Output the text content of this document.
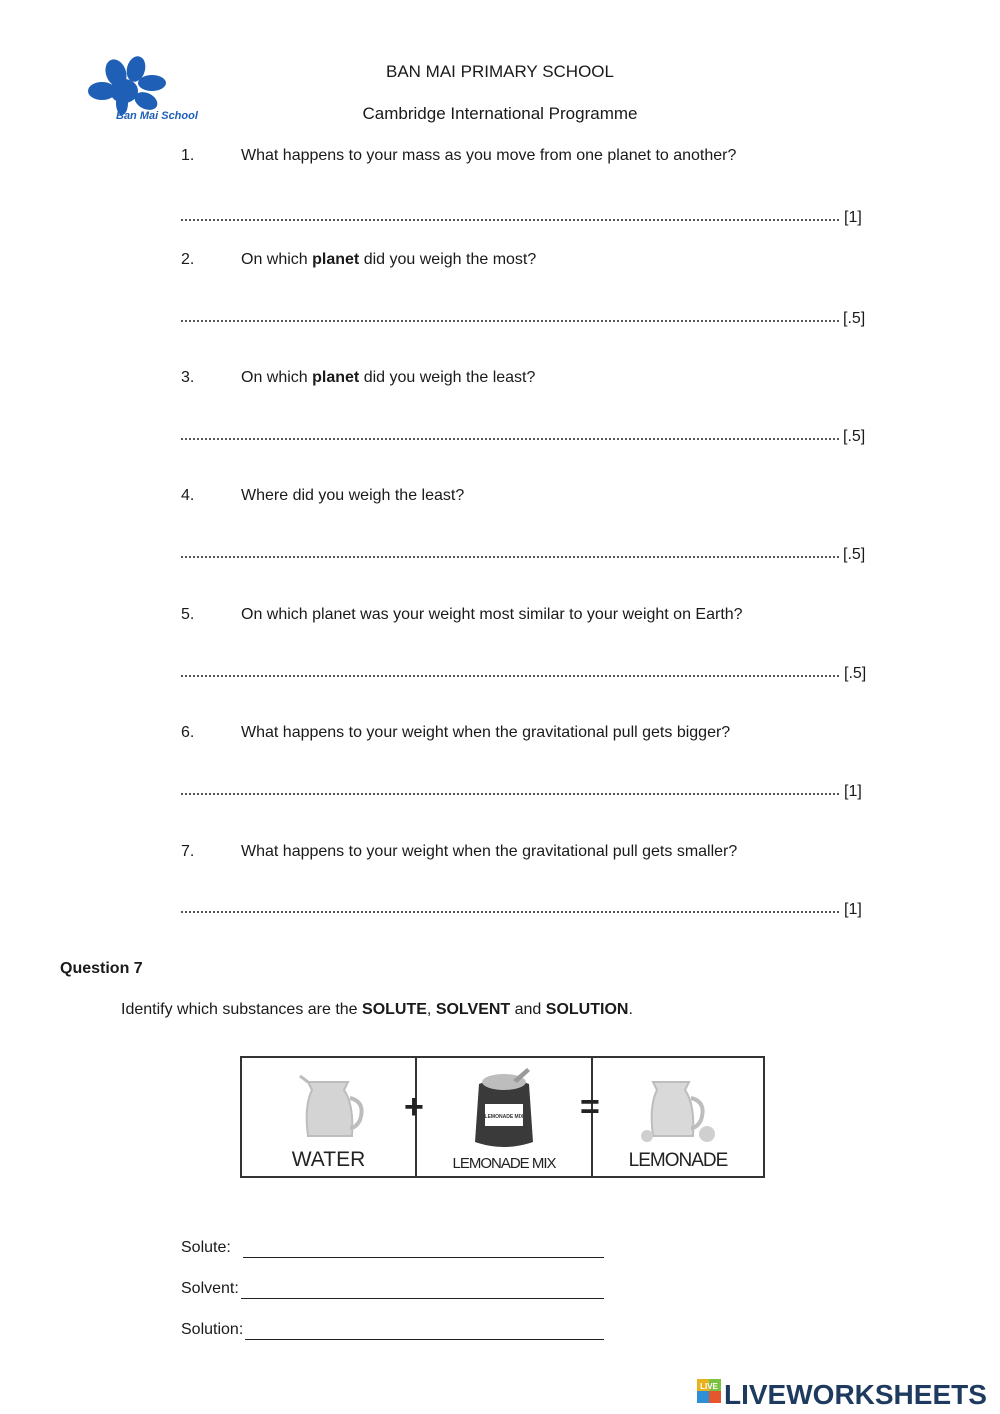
Ban Mai School
BAN MAI PRIMARY SCHOOL
Cambridge International Programme
1.	What happens to your mass as you move from one planet to another?
[1]
2.	On which planet did you weigh the most?
[.5]
3.	On which planet did you weigh the least?
[.5]
4.	Where did you weigh the least?
[.5]
5.	On which planet was your weight most similar to your weight on Earth?
[.5]
6.	What happens to your weight when the gravitational pull gets bigger?
[1]
7.	What happens to your weight when the gravitational pull gets smaller?
[1]
Question 7
Identify which substances are the SOLUTE, SOLVENT and SOLUTION.
WATER
+	LEMONADE MIX
LEMONADE MIX
=
LEMONADE
Solute:
Solvent:
Solution:
LIVE LIVEWORKSHEETS
